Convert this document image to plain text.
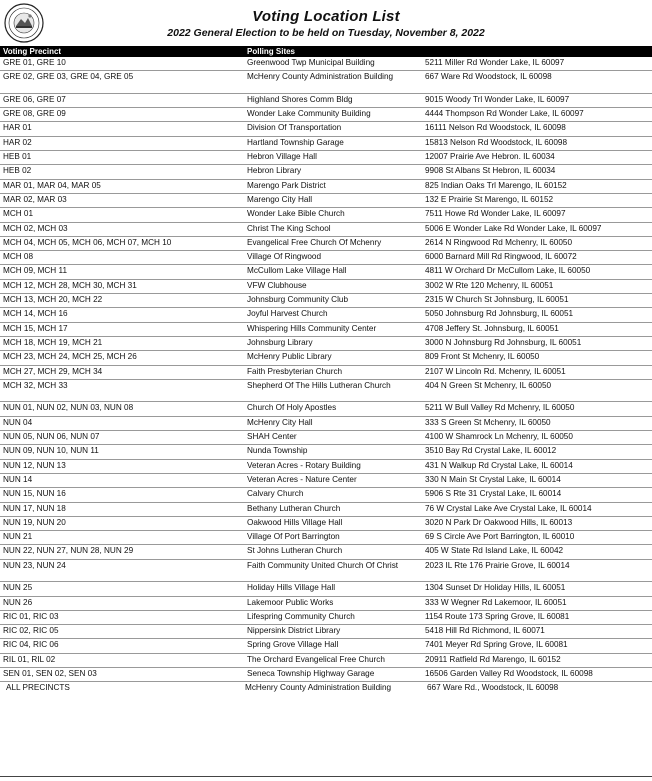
Voting Location List
2022 General Election to be held on Tuesday, November 8, 2022
Voting Precinct	Polling Sites
GRE 01, GRE 10	Greenwood Twp Municipal Building	5211 Miller Rd Wonder Lake, IL 60097
GRE 02, GRE 03, GRE 04, GRE 05	McHenry County Administration Building	667 Ware Rd Woodstock, IL 60098
GRE 06, GRE 07	Highland Shores Comm Bldg	9015 Woody Trl Wonder Lake, IL 60097
GRE 08, GRE 09	Wonder Lake Community Building	4444 Thompson Rd Wonder Lake, IL 60097
HAR 01	Division Of Transportation	16111 Nelson Rd Woodstock, IL 60098
HAR 02	Hartland Township Garage	15813 Nelson Rd Woodstock, IL 60098
HEB 01	Hebron Village Hall	12007 Prairie Ave Hebron. IL 60034
HEB 02	Hebron Library	9908 St Albans St Hebron, IL 60034
MAR 01, MAR 04, MAR 05	Marengo Park District	825 Indian Oaks Trl Marengo, IL 60152
MAR 02, MAR 03	Marengo City Hall	132 E Prairie St Marengo, IL 60152
MCH 01	Wonder Lake Bible Church	7511 Howe Rd Wonder Lake, IL 60097
MCH 02, MCH 03	Christ The King School	5006 E Wonder Lake Rd Wonder Lake, IL 60097
MCH 04, MCH 05, MCH 06, MCH 07, MCH 10	Evangelical Free Church Of Mchenry	2614 N Ringwood Rd Mchenry, IL 60050
MCH 08	Village Of Ringwood	6000 Barnard Mill Rd Ringwood, IL 60072
MCH 09, MCH 11	McCullom Lake Village Hall	4811 W Orchard Dr McCullom Lake, IL 60050
MCH 12, MCH 28, MCH 30, MCH 31	VFW Clubhouse	3002 W Rte 120 Mchenry, IL 60051
MCH 13, MCH 20, MCH 22	Johnsburg Community Club	2315 W Church St Johnsburg, IL 60051
MCH 14, MCH 16	Joyful Harvest Church	5050 Johnsburg Rd Johnsburg, IL 60051
MCH 15, MCH 17	Whispering Hills Community Center	4708 Jeffery St. Johnsburg, IL 60051
MCH 18, MCH 19, MCH 21	Johnsburg Library	3000 N Johnsburg Rd Johnsburg, IL 60051
MCH 23, MCH 24, MCH 25, MCH 26	McHenry Public Library	809 Front St Mchenry, IL 60050
MCH 27, MCH 29, MCH 34	Faith Presbyterian Church	2107 W Lincoln Rd. Mchenry, IL 60051
MCH 32, MCH 33	Shepherd Of The Hills Lutheran Church	404 N Green St Mchenry, IL 60050
NUN 01, NUN 02, NUN 03, NUN 08	Church Of Holy Apostles	5211 W Bull Valley Rd Mchenry, IL 60050
NUN 04	McHenry City Hall	333 S Green St Mchenry, IL 60050
NUN 05, NUN 06, NUN 07	SHAH Center	4100 W Shamrock Ln Mchenry, IL 60050
NUN 09, NUN 10, NUN 11	Nunda Township	3510 Bay Rd Crystal Lake, IL 60012
NUN 12, NUN 13	Veteran Acres - Rotary Building	431 N Walkup Rd Crystal Lake, IL 60014
NUN 14	Veteran Acres - Nature Center	330 N Main St Crystal Lake, IL 60014
NUN 15, NUN 16	Calvary Church	5906 S Rte 31 Crystal Lake, IL 60014
NUN 17, NUN 18	Bethany Lutheran Church	76 W Crystal Lake Ave Crystal Lake, IL 60014
NUN 19, NUN 20	Oakwood Hills Village Hall	3020 N Park Dr Oakwood Hills, IL 60013
NUN 21	Village Of Port Barrington	69 S Circle Ave Port Barrington, IL 60010
NUN 22, NUN 27, NUN 28, NUN 29	St Johns Lutheran Church	405 W State Rd Island Lake, IL 60042
NUN 23, NUN 24	Faith Community United Church Of Christ	2023 IL Rte 176 Prairie Grove, IL 60014
NUN 25	Holiday Hills Village Hall	1304 Sunset Dr Holiday Hills, IL 60051
NUN 26	Lakemoor Public Works	333 W Wegner Rd Lakemoor, IL 60051
RIC 01, RIC 03	Lifespring Community Church	1154 Route 173 Spring Grove, IL 60081
RIC 02, RIC 05	Nippersink District Library	5418 Hill Rd Richmond, IL 60071
RIC 04, RIC 06	Spring Grove Village Hall	7401 Meyer Rd Spring Grove, IL 60081
RIL 01, RIL 02	The Orchard Evangelical Free Church	20911 Ratfield Rd Marengo, IL 60152
SEN 01, SEN 02, SEN 03	Seneca Township Highway Garage	16506 Garden Valley Rd Woodstock, IL 60098
ALL PRECINCTS	McHenry County Administration Building	667 Ware Rd., Woodstock, IL 60098
